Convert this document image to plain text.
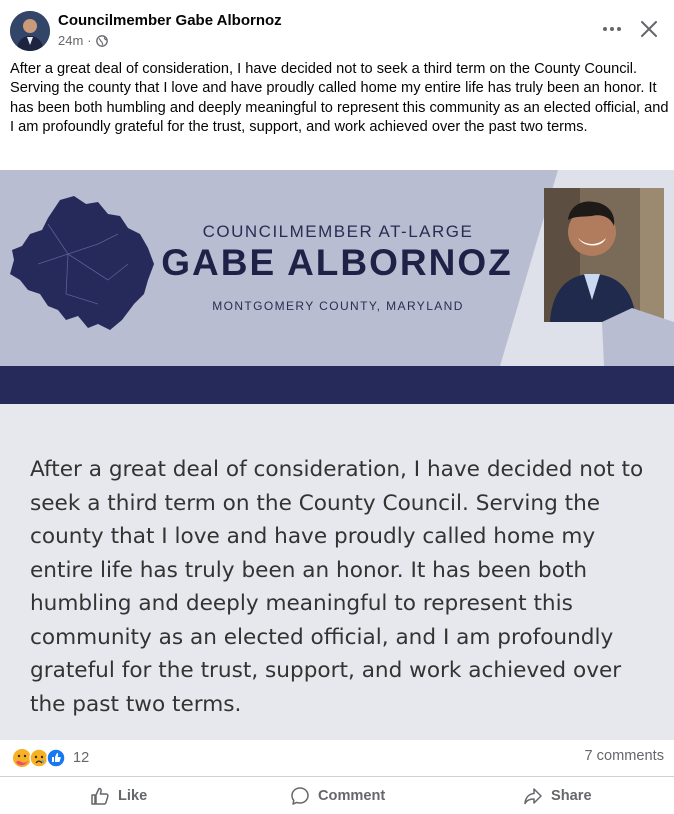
Councilmember Gabe Albornoz
24m ·
After a great deal of consideration, I have decided not to seek a third term on the County Council. Serving the county that I love and have proudly called home my entire life has truly been an honor. It has been both humbling and deeply meaningful to represent this community as an elected official, and I am profoundly grateful for the trust, support, and work achieved over the past two terms.
COUNCILMEMBER AT-LARGE
GABE ALBORNOZ
MONTGOMERY COUNTY, MARYLAND
After a great deal of consideration, I have decided not to seek a third term on the County Council. Serving the county that I love and have proudly called home my entire life has truly been an honor. It has been both humbling and deeply meaningful to represent this community as an elected official, and I am profoundly grateful for the trust, support, and work achieved over the past two terms.
12	7 comments
Like	Comment	Share
